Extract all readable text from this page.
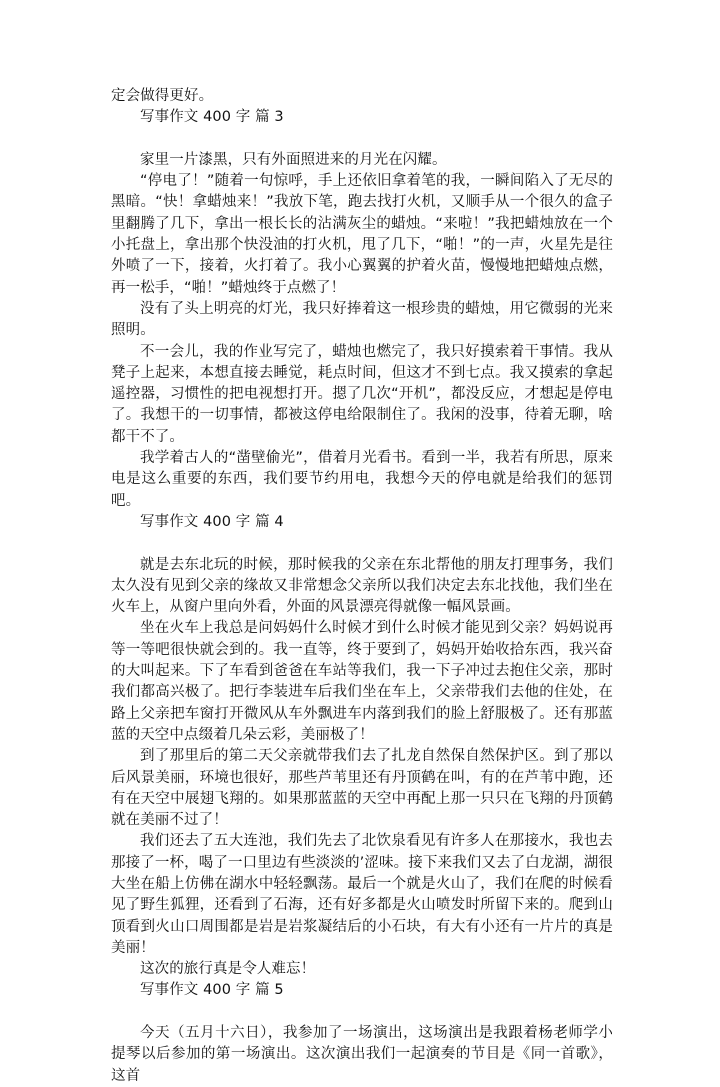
定会做得更好。

写事作文 400 字 篇 3

家里一片漆黑，只有外面照进来的月光在闪耀。

“停电了！”随着一句惊呼，手上还依旧拿着笔的我，一瞬间陷入了无尽的黑暗。“快！拿蜡烛来！”我放下笔，跑去找打火机，又顺手从一个很久的盒子里翻腾了几下，拿出一根长长的沾满灰尘的蜡烛。“来啦！”我把蜡烛放在一个小托盘上，拿出那个快没油的打火机，甩了几下，“啪！”的一声，火星先是往外喷了一下，接着，火打着了。我小心翼翼的护着火苗，慢慢地把蜡烛点燃，再一松手，“啪！”蜡烛终于点燃了！

没有了头上明亮的灯光，我只好捧着这一根珍贵的蜡烛，用它微弱的光来照明。

不一会儿，我的作业写完了，蜡烛也燃完了，我只好摸索着干事情。我从凳子上起来，本想直接去睡觉，耗点时间，但这才不到七点。我又摸索的拿起遥控器，习惯性的把电视想打开。摁了几次“开机”，都没反应，才想起是停电了。我想干的一切事情，都被这停电给限制住了。我闲的没事，待着无聊，啥都干不了。

我学着古人的“凿壁偷光”，借着月光看书。看到一半，我若有所思，原来电是这么重要的东西，我们要节约用电，我想今天的停电就是给我们的惩罚吧。

写事作文 400 字 篇 4

就是去东北玩的时候，那时候我的父亲在东北帮他的朋友打理事务，我们太久没有见到父亲的缘故又非常想念父亲所以我们决定去东北找他，我们坐在火车上，从窗户里向外看，外面的风景漂亮得就像一幅风景画。

坐在火车上我总是问妈妈什么时候才到什么时候才能见到父亲？妈妈说再等一等吧很快就会到的。我一直等，终于要到了，妈妈开始收拾东西，我兴奋的大叫起来。下了车看到爸爸在车站等我们，我一下子冲过去抱住父亲，那时我们都高兴极了。把行李装进车后我们坐在车上，父亲带我们去他的住处，在路上父亲把车窗打开微风从车外飘进车内落到我们的脸上舒服极了。还有那蓝蓝的天空中点缀着几朵云彩，美丽极了！

到了那里后的第二天父亲就带我们去了扎龙自然保自然保护区。到了那以后风景美丽，环境也很好，那些芦苇里还有丹顶鹤在叫，有的在芦苇中跑，还有在天空中展翅飞翔的。如果那蓝蓝的天空中再配上那一只只在飞翔的丹顶鹤就在美丽不过了！

我们还去了五大连池，我们先去了北饮泉看见有许多人在那接水，我也去那接了一杯，喝了一口里边有些淡淡的’涩味。接下来我们又去了白龙湖，湖很大坐在船上仿佛在湖水中轻轻飘荡。最后一个就是火山了，我们在爬的时候看见了野生狐狸，还看到了石海，还有好多都是火山喷发时所留下来的。爬到山顶看到火山口周围都是岩是岩浆凝结后的小石块，有大有小还有一片片的真是美丽！

这次的旅行真是令人难忘！

写事作文 400 字 篇 5

今天（五月十六日），我参加了一场演出，这场演出是我跟着杨老师学小提琴以后参加的第一场演出。这次演出我们一起演奏的节目是《同一首歌》，这首
